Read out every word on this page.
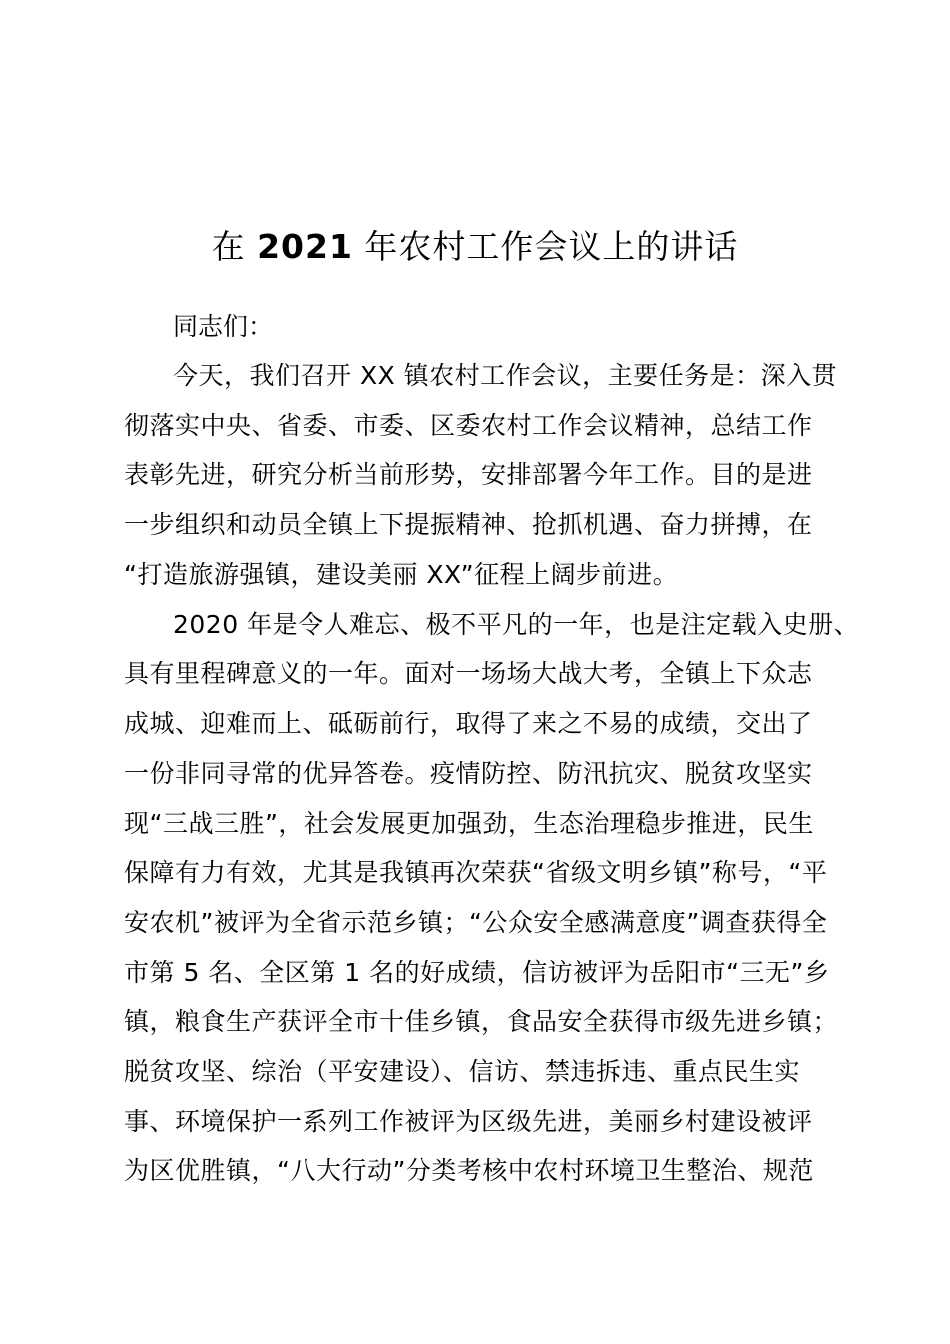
在 2021 年农村工作会议上的讲话

同志们：

今天，我们召开 XX 镇农村工作会议，主要任务是：深入贯

彻落实中央、省委、市委、区委农村工作会议精神，总结工作

表彰先进，研究分析当前形势，安排部署今年工作。目的是进

一步组织和动员全镇上下提振精神、抢抓机遇、奋力拼搏，在

“打造旅游强镇，建设美丽 XX”征程上阔步前进。

2020 年是令人难忘、极不平凡的一年，也是注定载入史册、

具有里程碑意义的一年。面对一场场大战大考，全镇上下众志

成城、迎难而上、砥砺前行，取得了来之不易的成绩，交出了

一份非同寻常的优异答卷。疫情防控、防汛抗灾、脱贫攻坚实

现“三战三胜”，社会发展更加强劲，生态治理稳步推进，民生

保障有力有效，尤其是我镇再次荣获“省级文明乡镇”称号，“平

安农机”被评为全省示范乡镇；“公众安全感满意度”调查获得全

市第 5 名、全区第 1 名的好成绩，信访被评为岳阳市“三无”乡

镇，粮食生产获评全市十佳乡镇，食品安全获得市级先进乡镇；

脱贫攻坚、综治（平安建设）、信访、禁违拆违、重点民生实

事、环境保护一系列工作被评为区级先进，美丽乡村建设被评

为区优胜镇，“八大行动”分类考核中农村环境卫生整治、规范
